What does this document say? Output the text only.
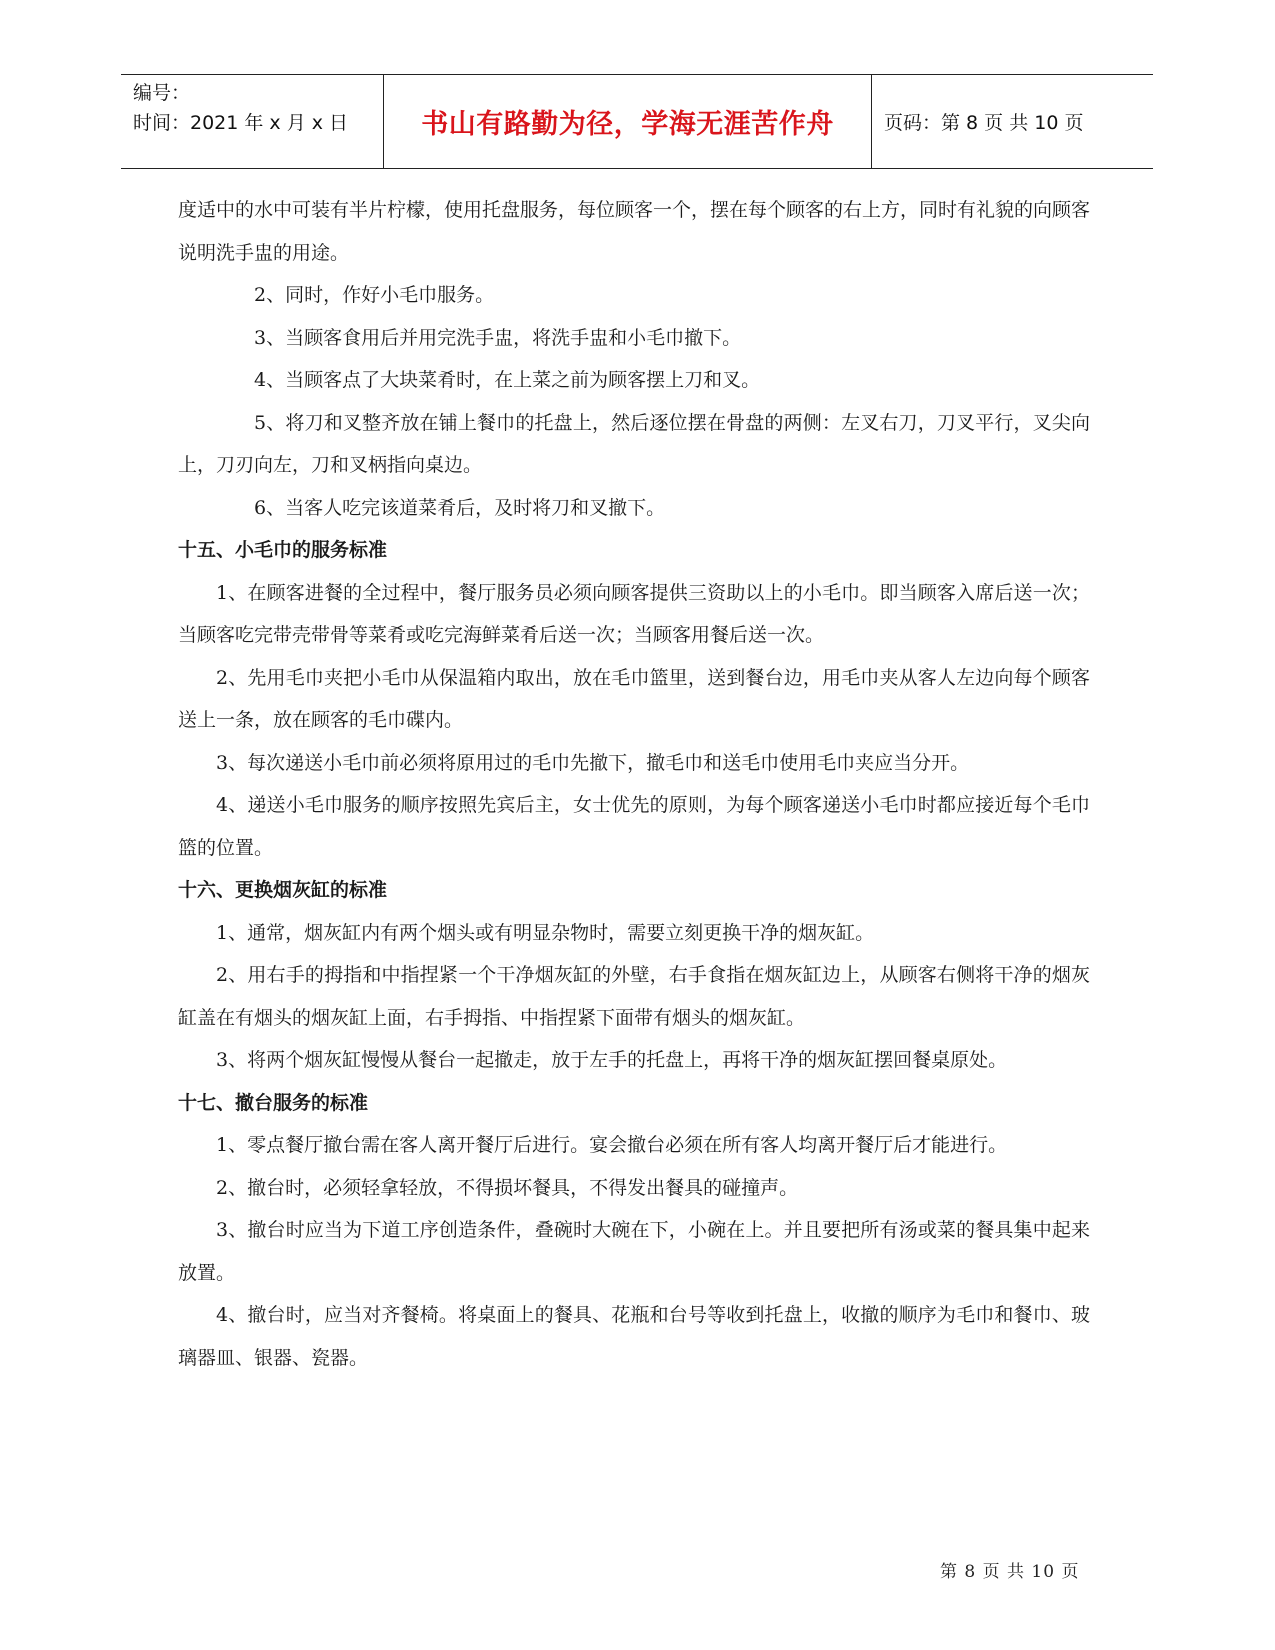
编号：
时间：2021 年 x 月 x 日	书山有路勤为径，学海无涯苦作舟	页码：第 8 页 共 10 页

度适中的水中可装有半片柠檬，使用托盘服务，每位顾客一个，摆在每个顾客的右上方，同时有礼貌的向顾客说明洗手盅的用途。

2、同时，作好小毛巾服务。

3、当顾客食用后并用完洗手盅，将洗手盅和小毛巾撤下。

4、当顾客点了大块菜肴时，在上菜之前为顾客摆上刀和叉。

5、将刀和叉整齐放在铺上餐巾的托盘上，然后逐位摆在骨盘的两侧：左叉右刀，刀叉平行，叉尖向上，刀刃向左，刀和叉柄指向桌边。

6、当客人吃完该道菜肴后，及时将刀和叉撤下。

十五、小毛巾的服务标准

1、在顾客进餐的全过程中，餐厅服务员必须向顾客提供三资助以上的小毛巾。即当顾客入席后送一次；当顾客吃完带壳带骨等菜肴或吃完海鲜菜肴后送一次；当顾客用餐后送一次。

2、先用毛巾夹把小毛巾从保温箱内取出，放在毛巾篮里，送到餐台边，用毛巾夹从客人左边向每个顾客送上一条，放在顾客的毛巾碟内。

3、每次递送小毛巾前必须将原用过的毛巾先撤下，撤毛巾和送毛巾使用毛巾夹应当分开。

4、递送小毛巾服务的顺序按照先宾后主，女士优先的原则，为每个顾客递送小毛巾时都应接近每个毛巾篮的位置。

十六、更换烟灰缸的标准

1、通常，烟灰缸内有两个烟头或有明显杂物时，需要立刻更换干净的烟灰缸。

2、用右手的拇指和中指捏紧一个干净烟灰缸的外壁，右手食指在烟灰缸边上，从顾客右侧将干净的烟灰缸盖在有烟头的烟灰缸上面，右手拇指、中指捏紧下面带有烟头的烟灰缸。

3、将两个烟灰缸慢慢从餐台一起撤走，放于左手的托盘上，再将干净的烟灰缸摆回餐桌原处。

十七、撤台服务的标准

1、零点餐厅撤台需在客人离开餐厅后进行。宴会撤台必须在所有客人均离开餐厅后才能进行。

2、撤台时，必须轻拿轻放，不得损坏餐具，不得发出餐具的碰撞声。

3、撤台时应当为下道工序创造条件，叠碗时大碗在下，小碗在上。并且要把所有汤或菜的餐具集中起来放置。

4、撤台时，应当对齐餐椅。将桌面上的餐具、花瓶和台号等收到托盘上，收撤的顺序为毛巾和餐巾、玻璃器皿、银器、瓷器。

第 8 页 共 10 页
